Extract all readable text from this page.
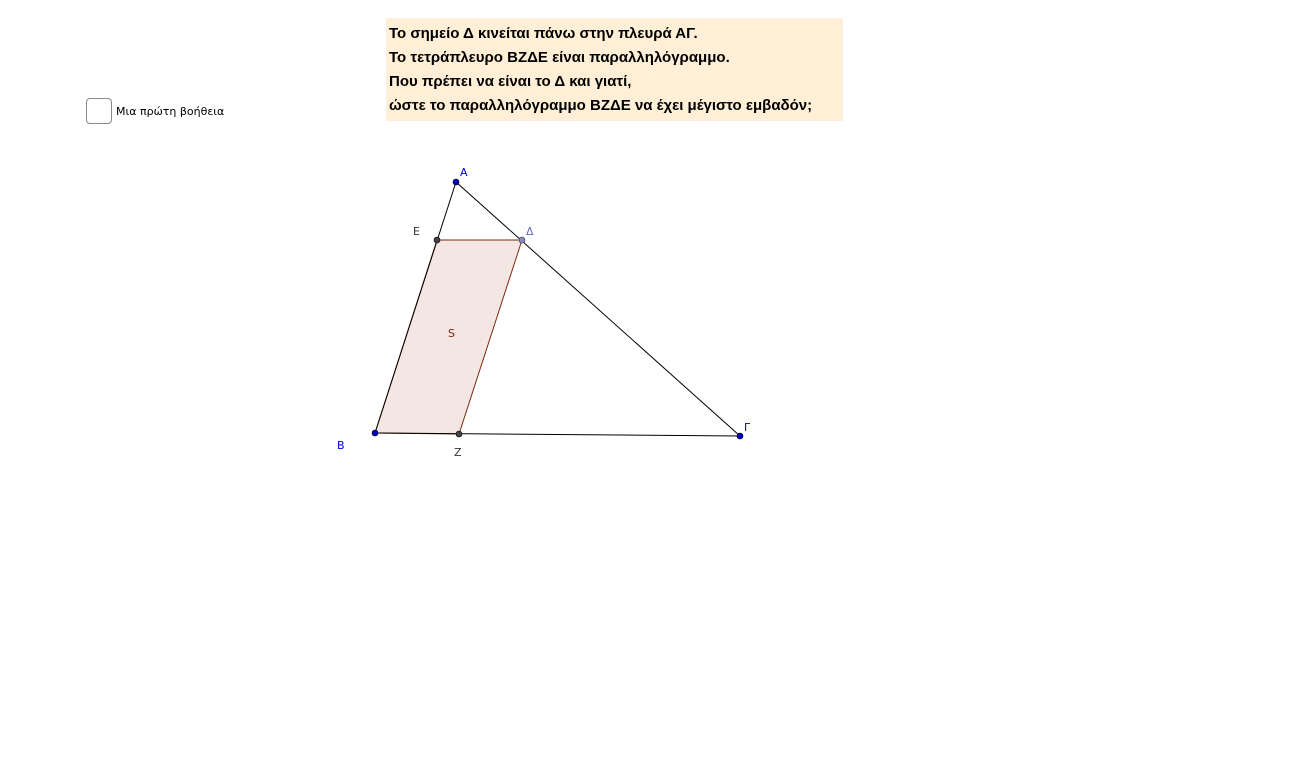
Το σημείο Δ κινείται πάνω στην πλευρά ΑΓ.
Το τετράπλευρο ΒΖΔΕ είναι παραλληλόγραμμο.
Που πρέπει να είναι το Δ και γιατί,
ώστε το παραλληλόγραμμο ΒΖΔΕ να έχει μέγιστο εμβαδόν;
Μια πρώτη βοήθεια
S
Α
Β
Γ
Δ
Ε
Ζ
